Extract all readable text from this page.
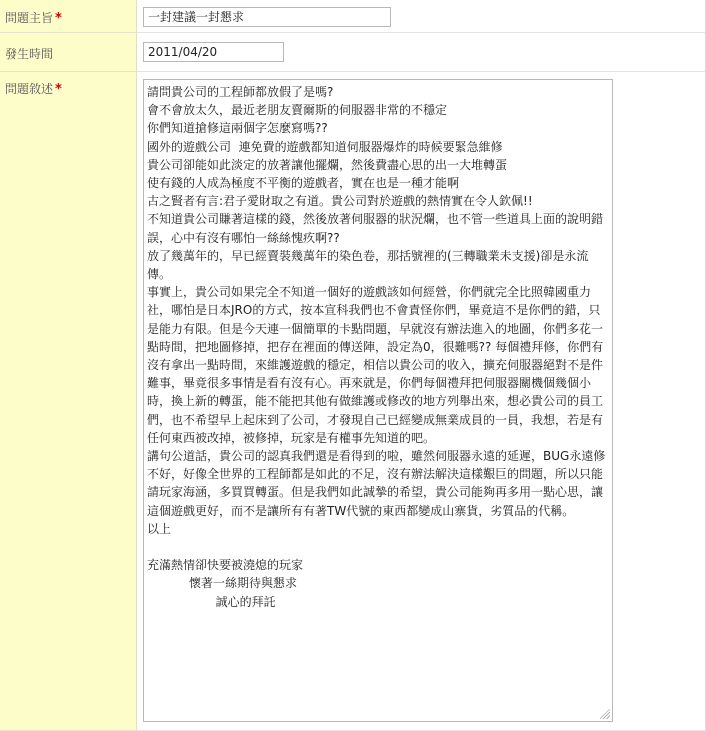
問題主旨 *	一封建議一封懇求
發生時間	2011/04/20
問題敘述 *	請問貴公司的工程師都放假了是嗎?
會不會放太久，最近老朋友賣爾斯的伺服器非常的不穩定
你們知道搶修這兩個字怎麼寫嗎??
國外的遊戲公司  連免費的遊戲都知道伺服器爆炸的時候要緊急維修
貴公司卻能如此淡定的放著讓他擺爛，然後費盡心思的出一大堆轉蛋
使有錢的人成為極度不平衡的遊戲者，實在也是一種才能啊
古之賢者有言:君子愛財取之有道。貴公司對於遊戲的熱情實在令人欽佩!!
不知道貴公司賺著這樣的錢，然後放著伺服器的狀況爛，也不管一些道具上面的說明錯誤，心中有沒有哪怕一絲絲愧疚啊??
放了幾萬年的，早已經賣裝幾萬年的染色卷，那括號裡的(三轉職業未支援)卻是永流傳。
事實上，貴公司如果完全不知道一個好的遊戲該如何經營，你們就完全比照韓國重力社，哪怕是日本JRO的方式，按本宣科我們也不會責怪你們，畢竟這不是你們的錯，只是能力有限。但是今天連一個簡單的卡點問題，早就沒有辦法進入的地圖，你們多花一點時間，把地圖修掉，把存在裡面的傳送陣，設定為0，很難嗎?? 每個禮拜修，你們有沒有拿出一點時間，來維護遊戲的穩定，相信以貴公司的收入，擴充伺服器絕對不是件難事，畢竟很多事情是看有沒有心。再來就是，你們每個禮拜把伺服器關機個幾個小時，換上新的轉蛋，能不能把其他有做維護或修改的地方列舉出來，想必貴公司的員工們，也不希望早上起床到了公司，才發現自己已經變成無業成員的一員，我想，若是有任何東西被改掉，被修掉，玩家是有權事先知道的吧。
講句公道話，貴公司的認真我們還是看得到的啦，雖然伺服器永遠的延遲，BUG永遠修不好，好像全世界的工程師都是如此的不足，沒有辦法解決這樣艱巨的問題，所以只能請玩家海涵，多買買轉蛋。但是我們如此誠摯的希望，貴公司能夠再多用一點心思，讓這個遊戲更好，而不是讓所有有著TW代號的東西都變成山寨貨，劣質品的代稱。
以上

充滿熱情卻快要被澆熄的玩家
懷著一絲期待與懇求
誠心的拜託
